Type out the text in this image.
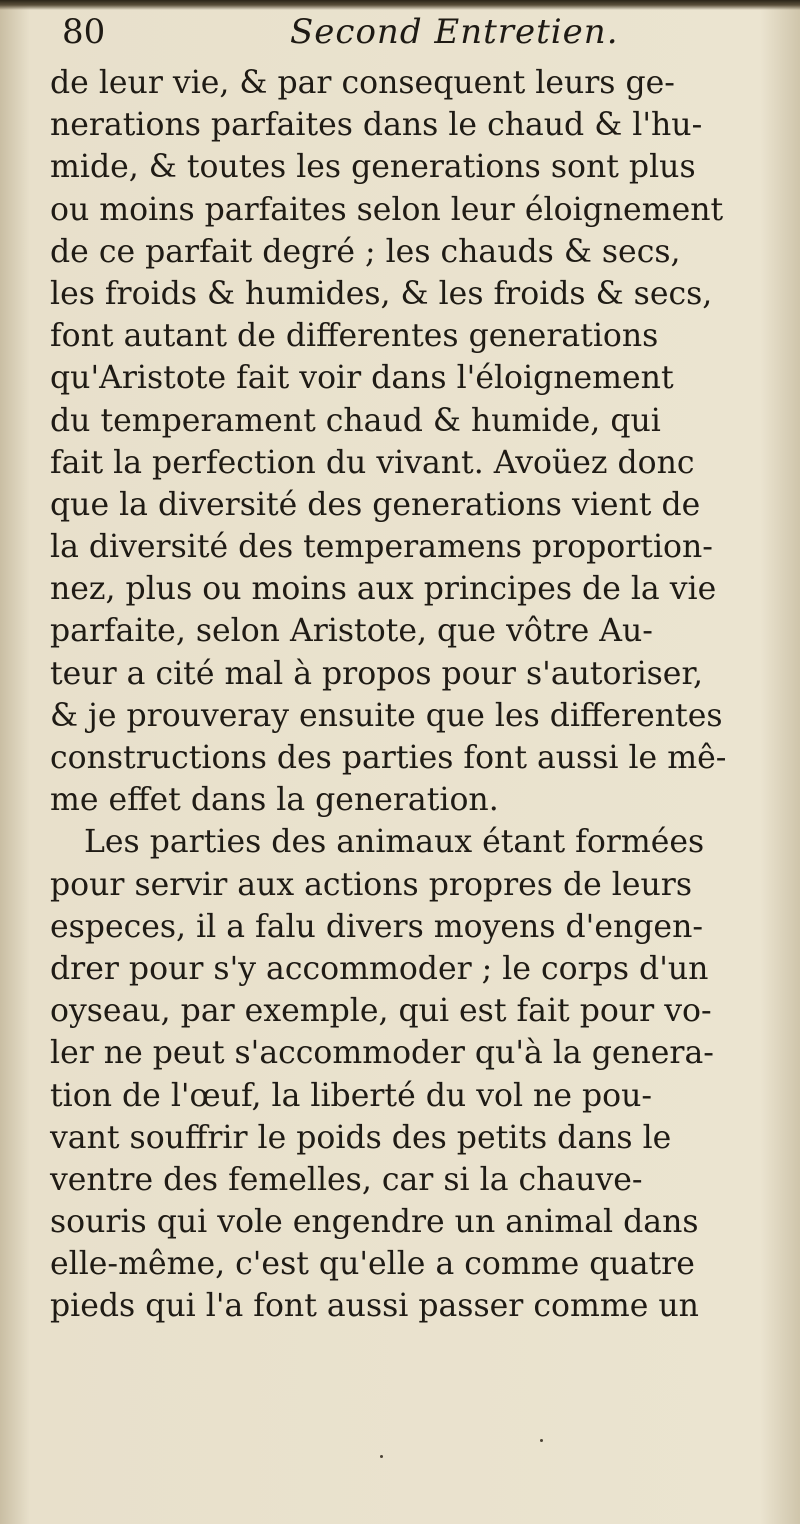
80	Second Entretien.
de leur vie, & par consequent leurs ge-
nerations parfaites dans le chaud & l'hu-
mide, & toutes les generations sont plus
ou moins parfaites selon leur éloignement
de ce parfait degré ; les chauds & secs,
les froids & humides, & les froids & secs,
font autant de differentes generations
qu'Aristote fait voir dans l'éloignement
du temperament chaud & humide, qui
fait la perfection du vivant. Avoüez donc
que la diversité des generations vient de
la diversité des temperamens proportion-
nez, plus ou moins aux principes de la vie
parfaite, selon Aristote, que vôtre Au-
teur a cité mal à propos pour s'autoriser,
& je prouveray ensuite que les differentes
constructions des parties font aussi le mê-
me effet dans la generation.
Les parties des animaux étant formées
pour servir aux actions propres de leurs
especes, il a falu divers moyens d'engen-
drer pour s'y accommoder ; le corps d'un
oyseau, par exemple, qui est fait pour vo-
ler ne peut s'accommoder qu'à la genera-
tion de l'œuf, la liberté du vol ne pou-
vant souffrir le poids des petits dans le
ventre des femelles, car si la chauve-
souris qui vole engendre un animal dans
elle-même, c'est qu'elle a comme quatre
pieds qui l'a font aussi passer comme un
